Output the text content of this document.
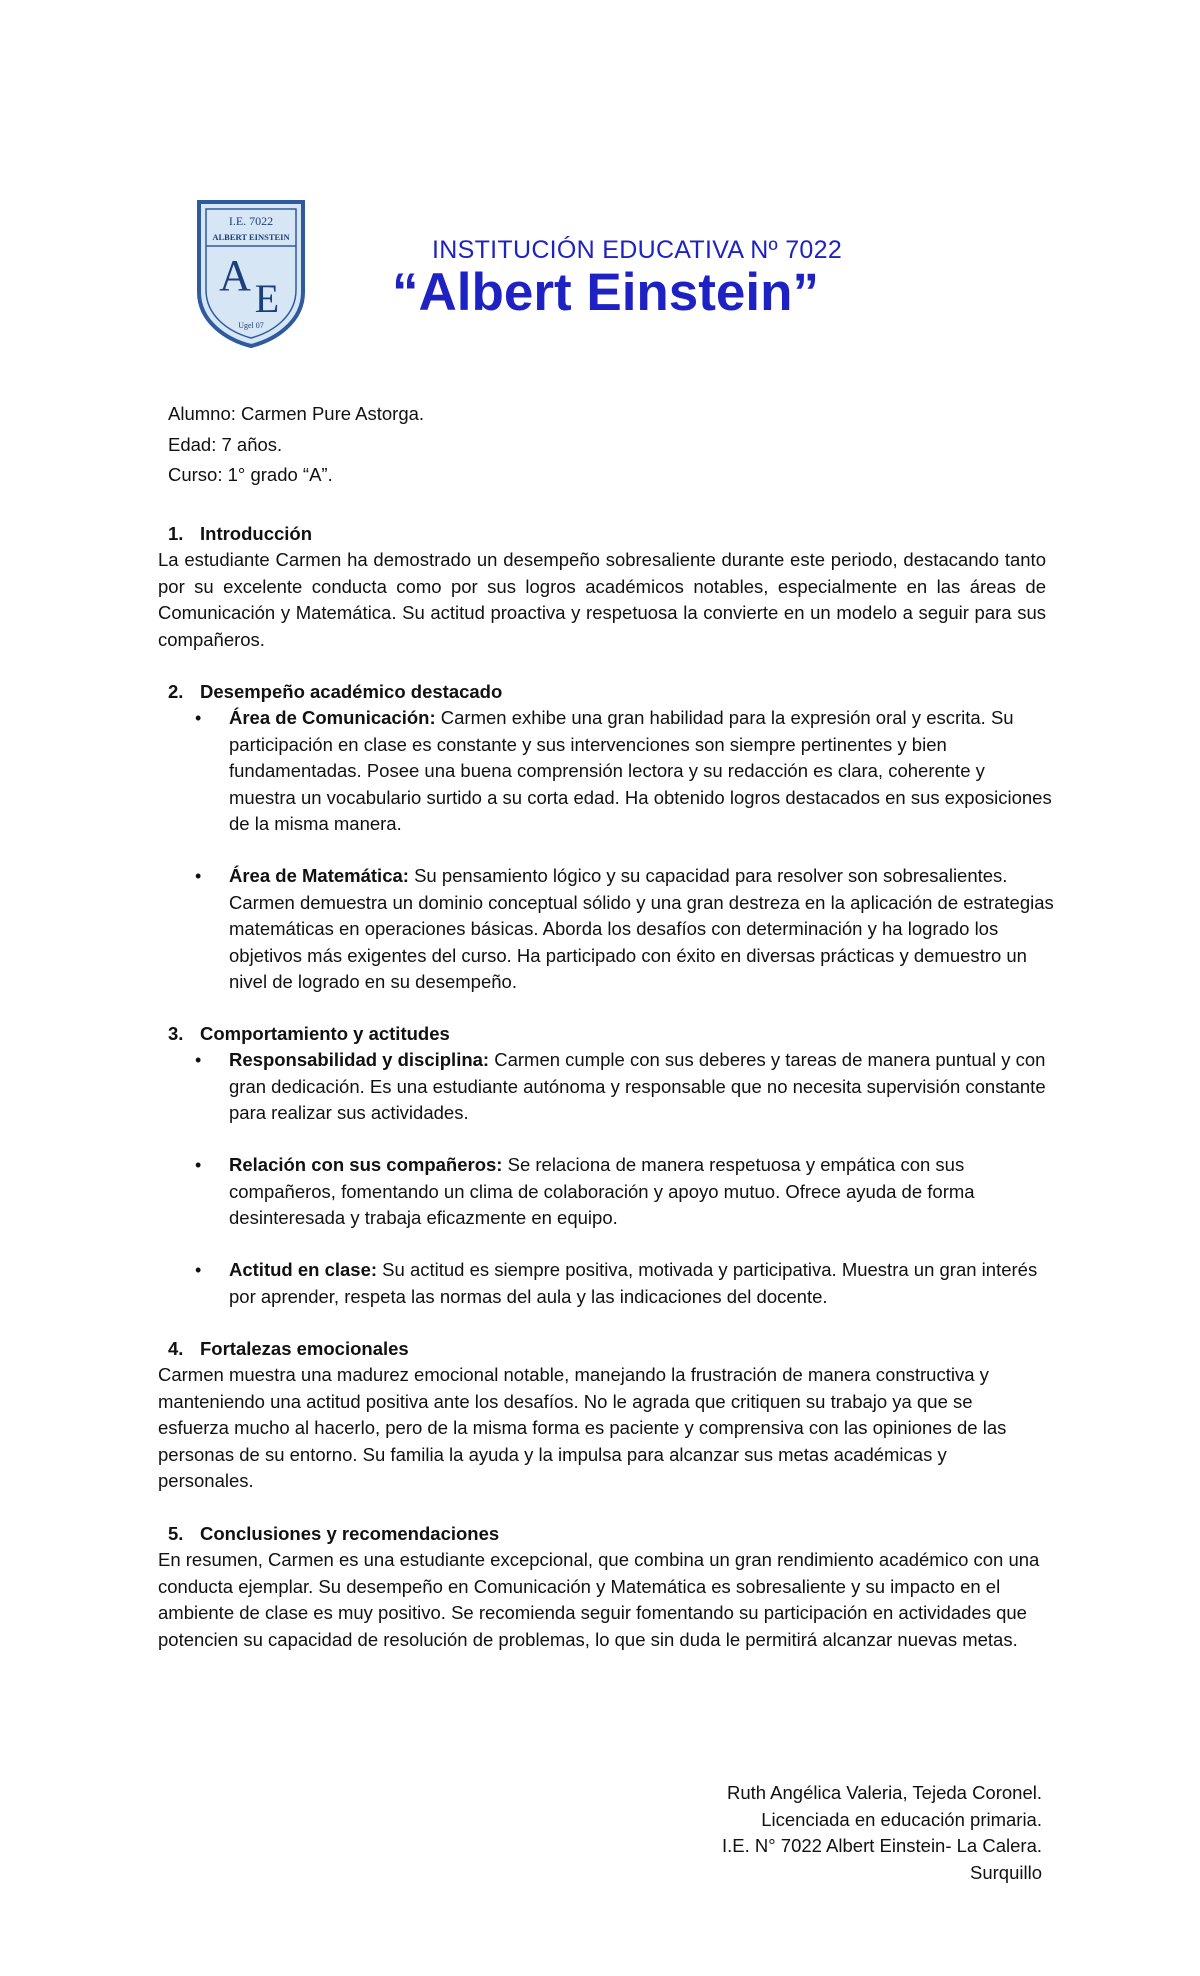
I.E. 7022
ALBERT EINSTEIN
A E
Ugel 07
INSTITUCIÓN EDUCATIVA Nº 7022
“Albert Einstein”
Alumno: Carmen Pure Astorga.
Edad: 7 años.
Curso: 1° grado “A”.
1. Introducción
La estudiante Carmen ha demostrado un desempeño sobresaliente durante este periodo, destacando tanto por su excelente conducta como por sus logros académicos notables, especialmente en las áreas de Comunicación y Matemática. Su actitud proactiva y respetuosa la convierte en un modelo a seguir para sus compañeros.
2. Desempeño académico destacado
• Área de Comunicación: Carmen exhibe una gran habilidad para la expresión oral y escrita. Su participación en clase es constante y sus intervenciones son siempre pertinentes y bien fundamentadas. Posee una buena comprensión lectora y su redacción es clara, coherente y muestra un vocabulario surtido a su corta edad. Ha obtenido logros destacados en sus exposiciones de la misma manera.
• Área de Matemática: Su pensamiento lógico y su capacidad para resolver son sobresalientes. Carmen demuestra un dominio conceptual sólido y una gran destreza en la aplicación de estrategias matemáticas en operaciones básicas. Aborda los desafíos con determinación y ha logrado los objetivos más exigentes del curso. Ha participado con éxito en diversas prácticas y demuestro un nivel de logrado en su desempeño.
3. Comportamiento y actitudes
• Responsabilidad y disciplina: Carmen cumple con sus deberes y tareas de manera puntual y con gran dedicación. Es una estudiante autónoma y responsable que no necesita supervisión constante para realizar sus actividades.
• Relación con sus compañeros: Se relaciona de manera respetuosa y empática con sus compañeros, fomentando un clima de colaboración y apoyo mutuo. Ofrece ayuda de forma desinteresada y trabaja eficazmente en equipo.
• Actitud en clase: Su actitud es siempre positiva, motivada y participativa. Muestra un gran interés por aprender, respeta las normas del aula y las indicaciones del docente.
4. Fortalezas emocionales
Carmen muestra una madurez emocional notable, manejando la frustración de manera constructiva y manteniendo una actitud positiva ante los desafíos. No le agrada que critiquen su trabajo ya que se esfuerza mucho al hacerlo, pero de la misma forma es paciente y comprensiva con las opiniones de las personas de su entorno. Su familia la ayuda y la impulsa para alcanzar sus metas académicas y personales.
5. Conclusiones y recomendaciones
En resumen, Carmen es una estudiante excepcional, que combina un gran rendimiento académico con una conducta ejemplar. Su desempeño en Comunicación y Matemática es sobresaliente y su impacto en el ambiente de clase es muy positivo. Se recomienda seguir fomentando su participación en actividades que potencien su capacidad de resolución de problemas, lo que sin duda le permitirá alcanzar nuevas metas.
Ruth Angélica Valeria, Tejeda Coronel.
Licenciada en educación primaria.
I.E. N° 7022 Albert Einstein- La Calera.
Surquillo
